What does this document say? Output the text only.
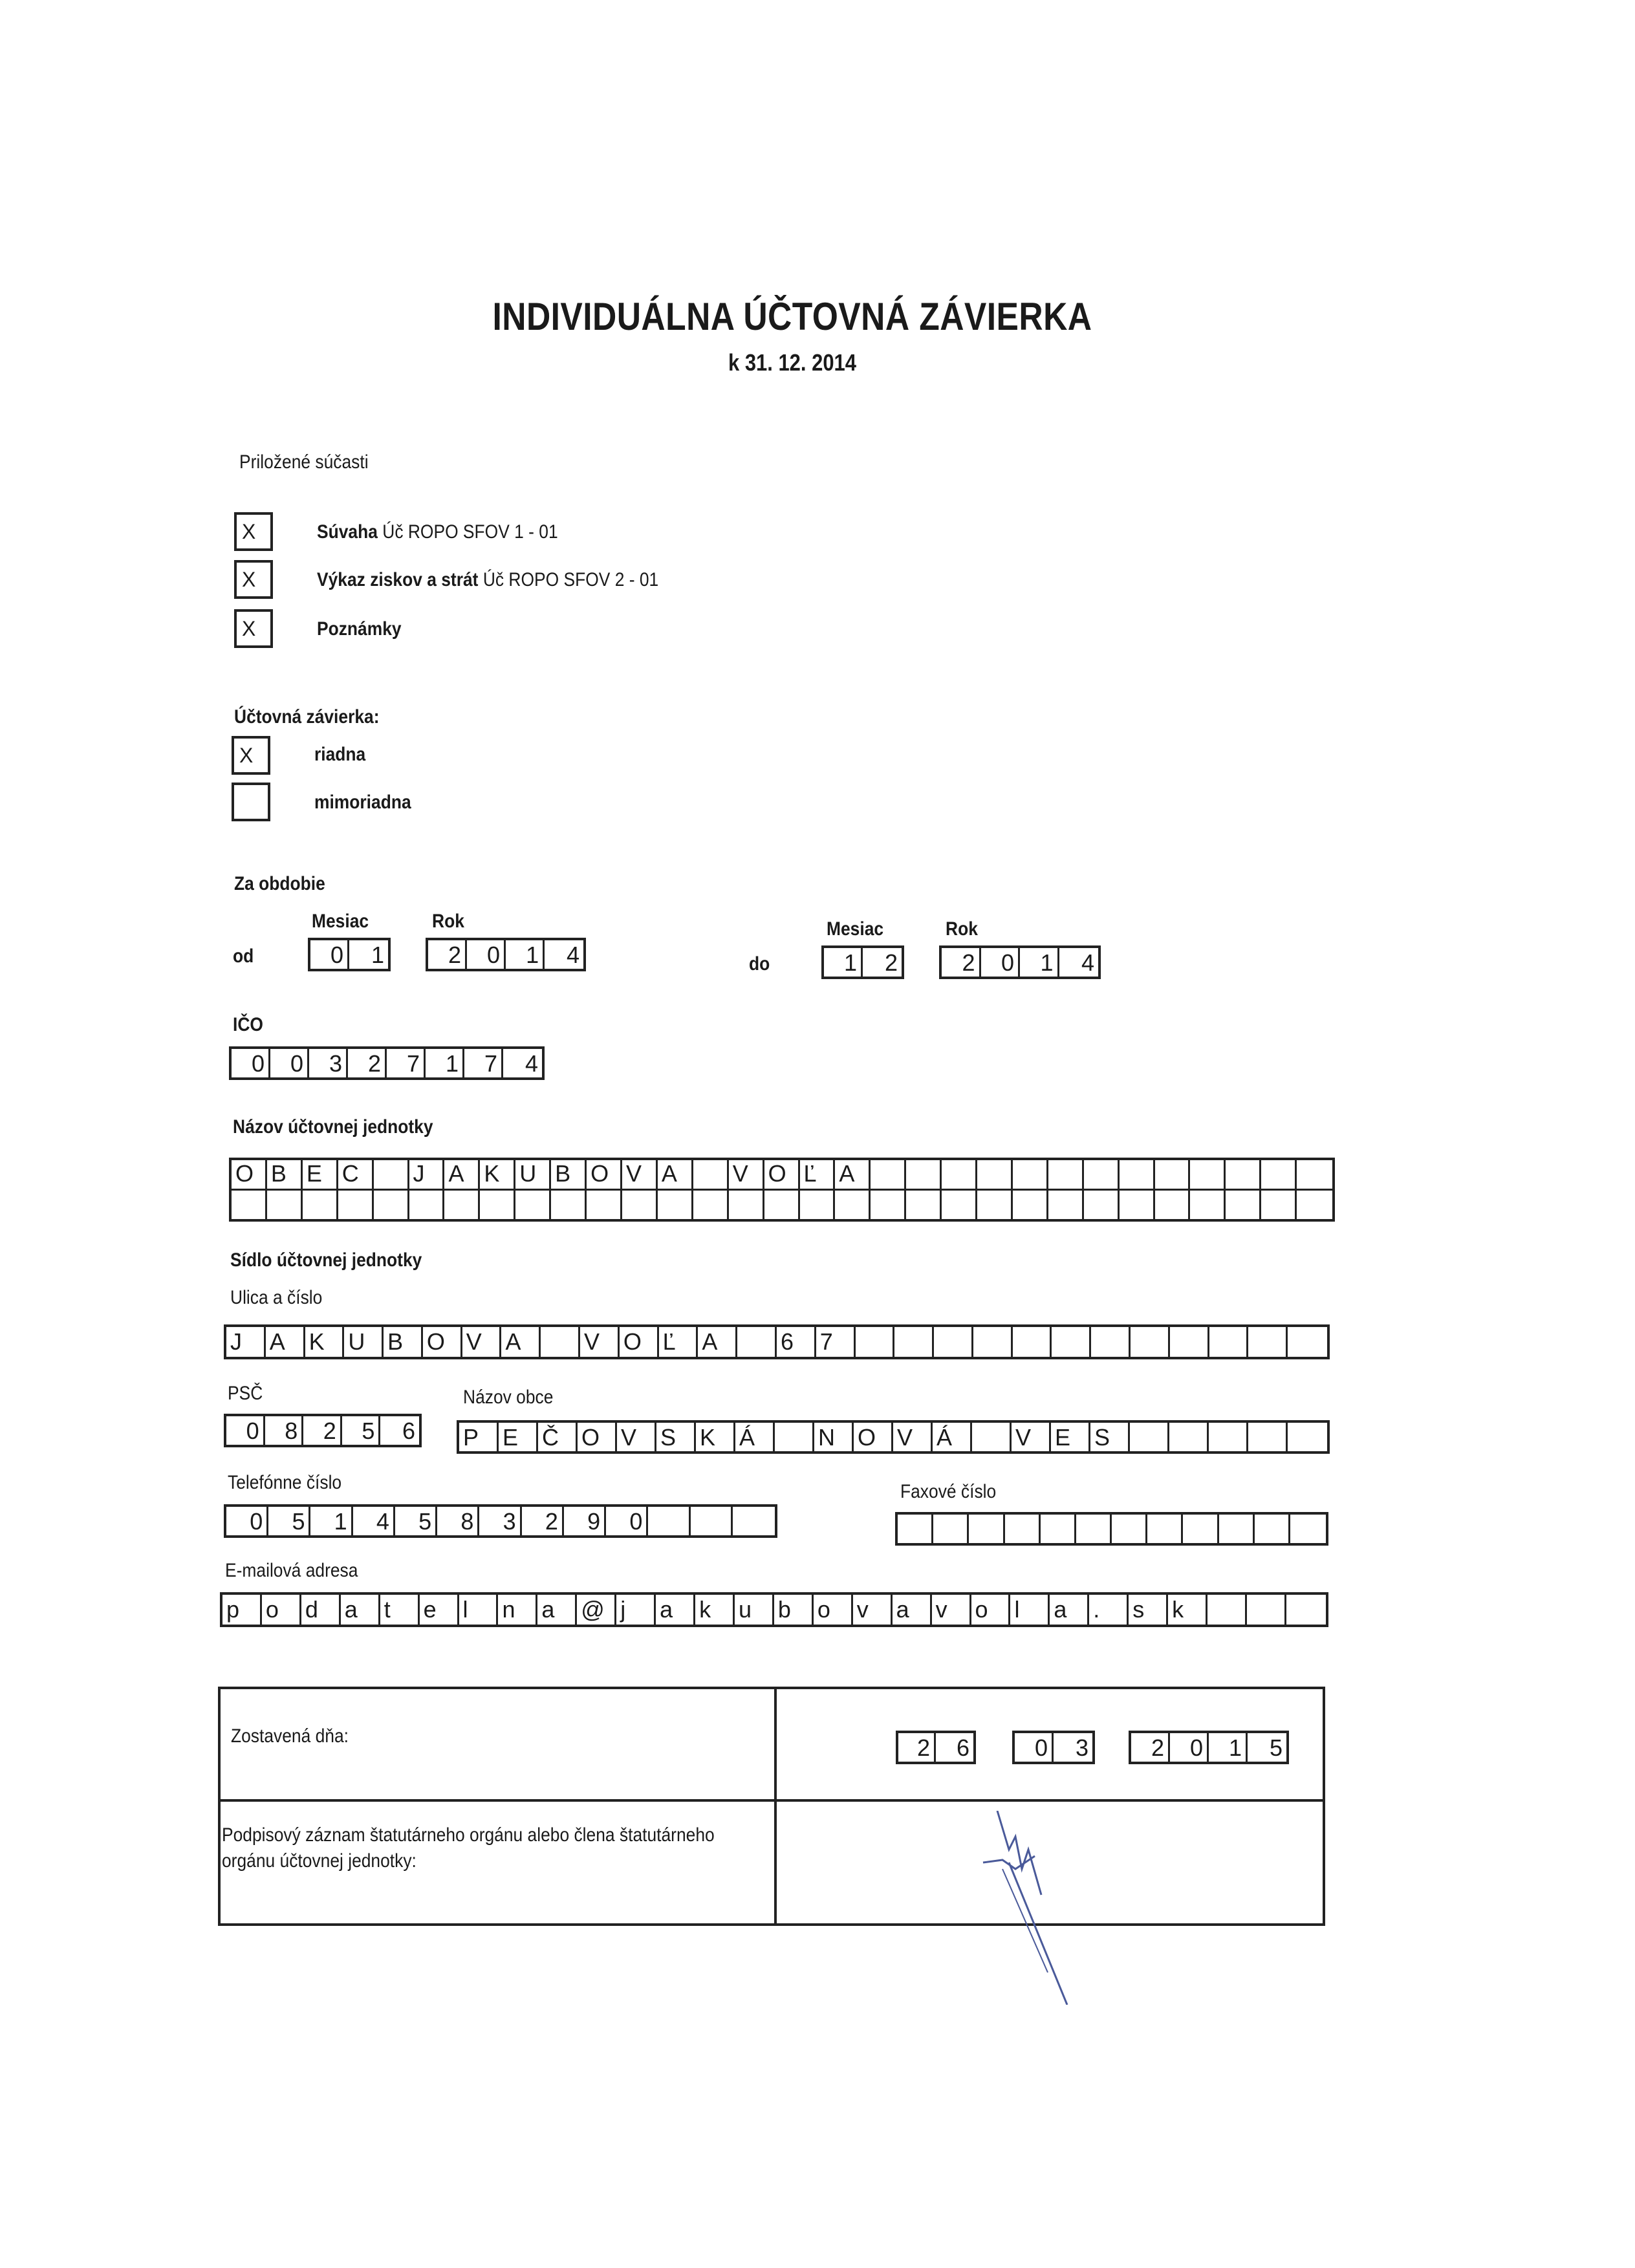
INDIVIDUÁLNA ÚČTOVNÁ ZÁVIERKA
k 31. 12. 2014
Priložené súčasti
X	Súvaha Úč ROPO SFOV 1 - 01
X	Výkaz ziskov a strát Úč ROPO SFOV 2 - 01
X	Poznámky
Účtovná závierka:
X	riadna
mimoriadna
Za obdobie
Mesiac	Rok
od	0	1	2	0	1	4
Mesiac	Rok
do	1	2	2	0	1	4
IČO
0	0	3	2	7	1	7	4
Názov účtovnej jednotky
O B E C	J	A K U B O V A	V O Ľ A
Sídlo účtovnej jednotky
Ulica a číslo
J	A	K	U B	O V	A	V	O Ľ	A	6	7
PSČ	Názov obce
0	8	2	5	6 P	E	Č O V	S	K	Á	N O V	Á	V	E	S
Telefónne číslo	Faxové číslo
0	5	1	4	5	8	3	2	9	0
E-mailová adresa
p	o	d	a	t	e	l	n	a	@ j	a	k	u	b	o	v	a	v	o	l	a	.	s	k
Zostavená dňa:	2	6	0	3	2	0	1	5
Podpisový záznam štatutárneho orgánu alebo člena štatutárneho orgánu účtovnej jednotky:
